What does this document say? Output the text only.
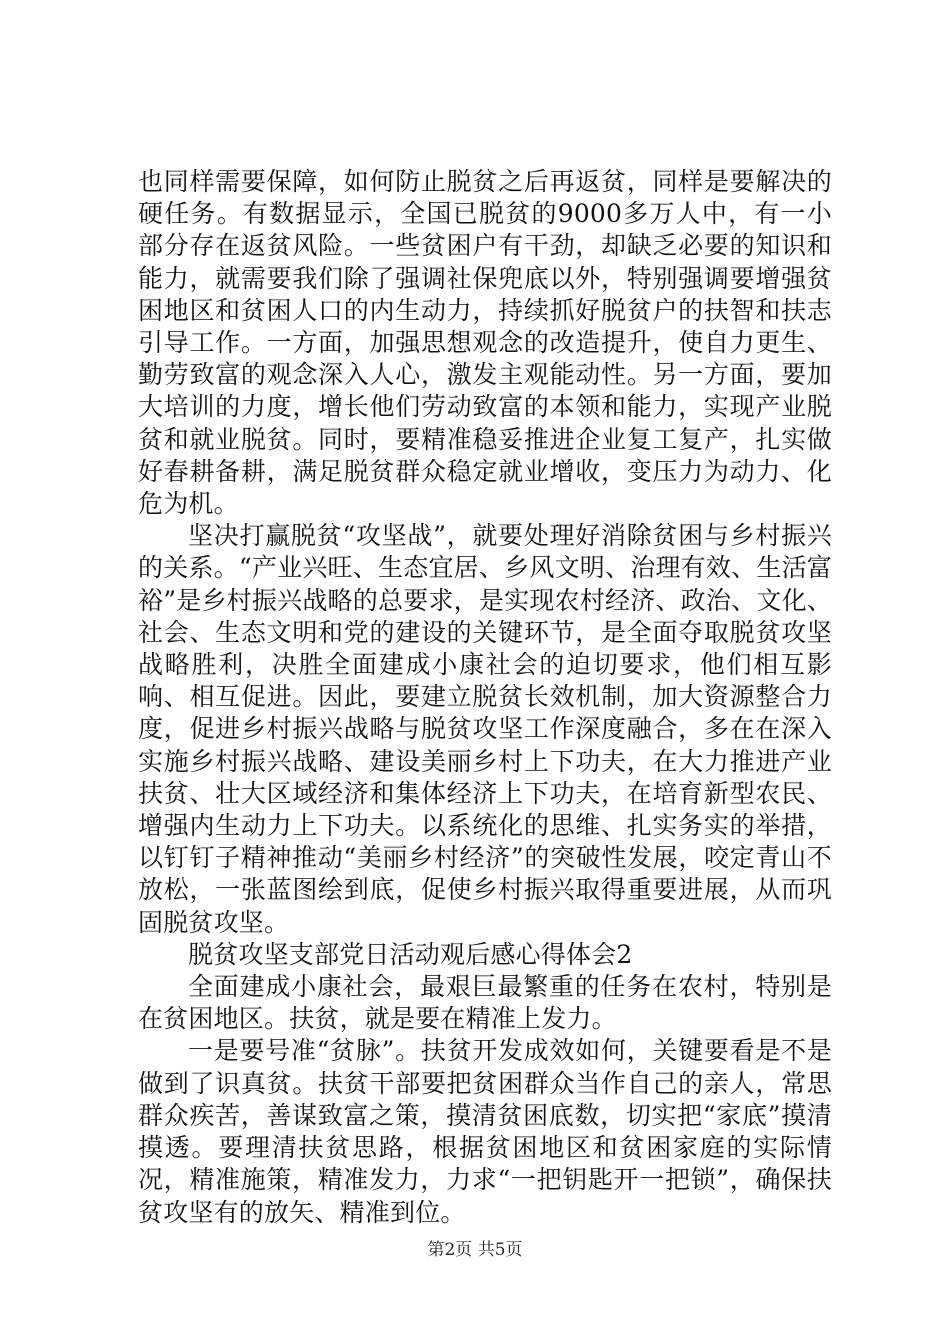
也同样需要保障，如何防止脱贫之后再返贫，同样是要解决的硬任务。有数据显示，全国已脱贫的9000多万人中，有一小部分存在返贫风险。一些贫困户有干劲，却缺乏必要的知识和能力，就需要我们除了强调社保兜底以外，特别强调要增强贫困地区和贫困人口的内生动力，持续抓好脱贫户的扶智和扶志引导工作。一方面，加强思想观念的改造提升，使自力更生、勤劳致富的观念深入人心，激发主观能动性。另一方面，要加大培训的力度，增长他们劳动致富的本领和能力，实现产业脱贫和就业脱贫。同时，要精准稳妥推进企业复工复产，扎实做好春耕备耕，满足脱贫群众稳定就业增收，变压力为动力、化危为机。

坚决打赢脱贫“攻坚战”，就要处理好消除贫困与乡村振兴的关系。“产业兴旺、生态宜居、乡风文明、治理有效、生活富裕”是乡村振兴战略的总要求，是实现农村经济、政治、文化、社会、生态文明和党的建设的关键环节，是全面夺取脱贫攻坚战略胜利，决胜全面建成小康社会的迫切要求，他们相互影响、相互促进。因此，要建立脱贫长效机制，加大资源整合力度，促进乡村振兴战略与脱贫攻坚工作深度融合，多在在深入实施乡村振兴战略、建设美丽乡村上下功夫，在大力推进产业扶贫、壮大区域经济和集体经济上下功夫，在培育新型农民、增强内生动力上下功夫。以系统化的思维、扎实务实的举措，以钉钉子精神推动“美丽乡村经济”的突破性发展，咬定青山不放松，一张蓝图绘到底，促使乡村振兴取得重要进展，从而巩固脱贫攻坚。

脱贫攻坚支部党日活动观后感心得体会2

全面建成小康社会，最艰巨最繁重的任务在农村，特别是在贫困地区。扶贫，就是要在精准上发力。

一是要号准“贫脉”。扶贫开发成效如何，关键要看是不是做到了识真贫。扶贫干部要把贫困群众当作自己的亲人，常思群众疾苦，善谋致富之策，摸清贫困底数，切实把“家底”摸清摸透。要理清扶贫思路，根据贫困地区和贫困家庭的实际情况，精准施策，精准发力，力求“一把钥匙开一把锁”，确保扶贫攻坚有的放矢、精准到位。

第2页 共5页
